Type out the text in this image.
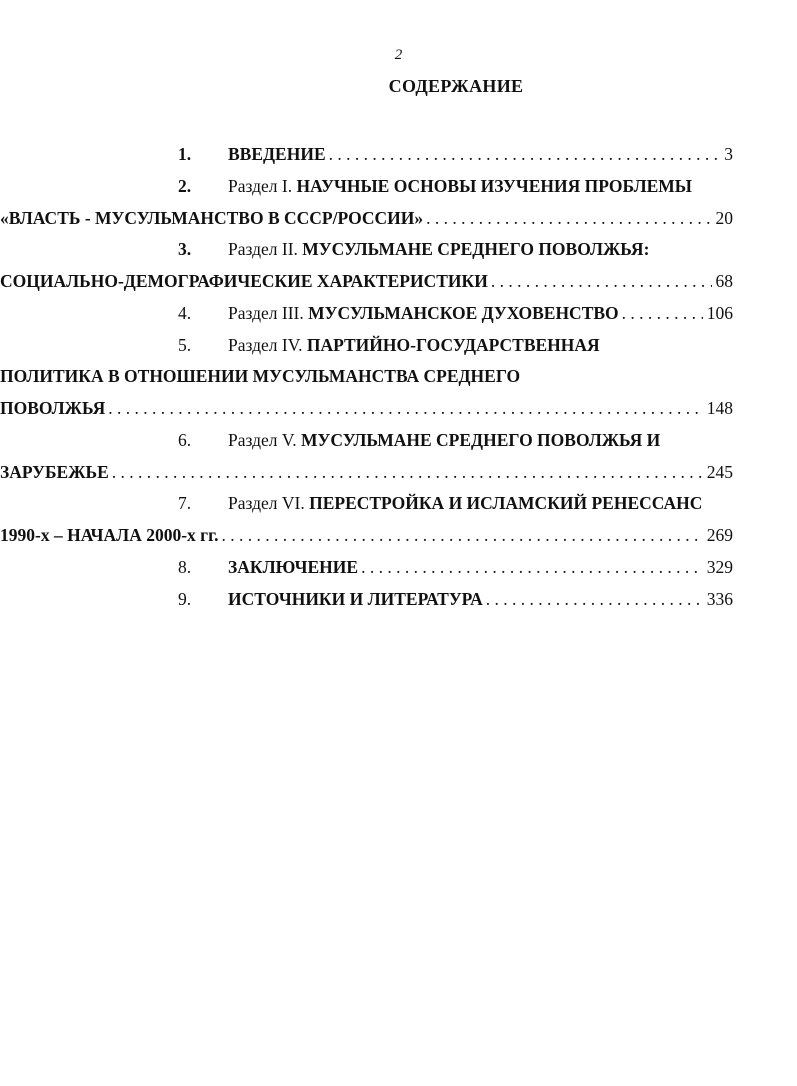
2
СОДЕРЖАНИЕ
1.	ВВЕДЕНИЕ . . .	3
2.	Раздел I. НАУЧНЫЕ ОСНОВЫ ИЗУЧЕНИЯ ПРОБЛЕМЫ
«ВЛАСТЬ - МУСУЛЬМАНСТВО В СССР/РОССИИ» . . .	20
3.	Раздел II. МУСУЛЬМАНЕ СРЕДНЕГО ПОВОЛЖЬЯ:
СОЦИАЛЬНО-ДЕМОГРАФИЧЕСКИЕ ХАРАКТЕРИСТИКИ . . .	68
4.	Раздел III. МУСУЛЬМАНСКОЕ ДУХОВЕНСТВО . . .	106
5.	Раздел IV. ПАРТИЙНО-ГОСУДАРСТВЕННАЯ
ПОЛИТИКА В ОТНОШЕНИИ МУСУЛЬМАНСТВА СРЕДНЕГО
ПОВОЛЖЬЯ . . .	148
6.	Раздел V. МУСУЛЬМАНЕ СРЕДНЕГО ПОВОЛЖЬЯ И
ЗАРУБЕЖЬЕ . . .	245
7.	Раздел VI. ПЕРЕСТРОЙКА И ИСЛАМСКИЙ РЕНЕССАНС
1990-х – НАЧАЛА 2000-х гг. . . .	269
8.	ЗАКЛЮЧЕНИЕ . . .	329
9.	ИСТОЧНИКИ И ЛИТЕРАТУРА . . .	336
